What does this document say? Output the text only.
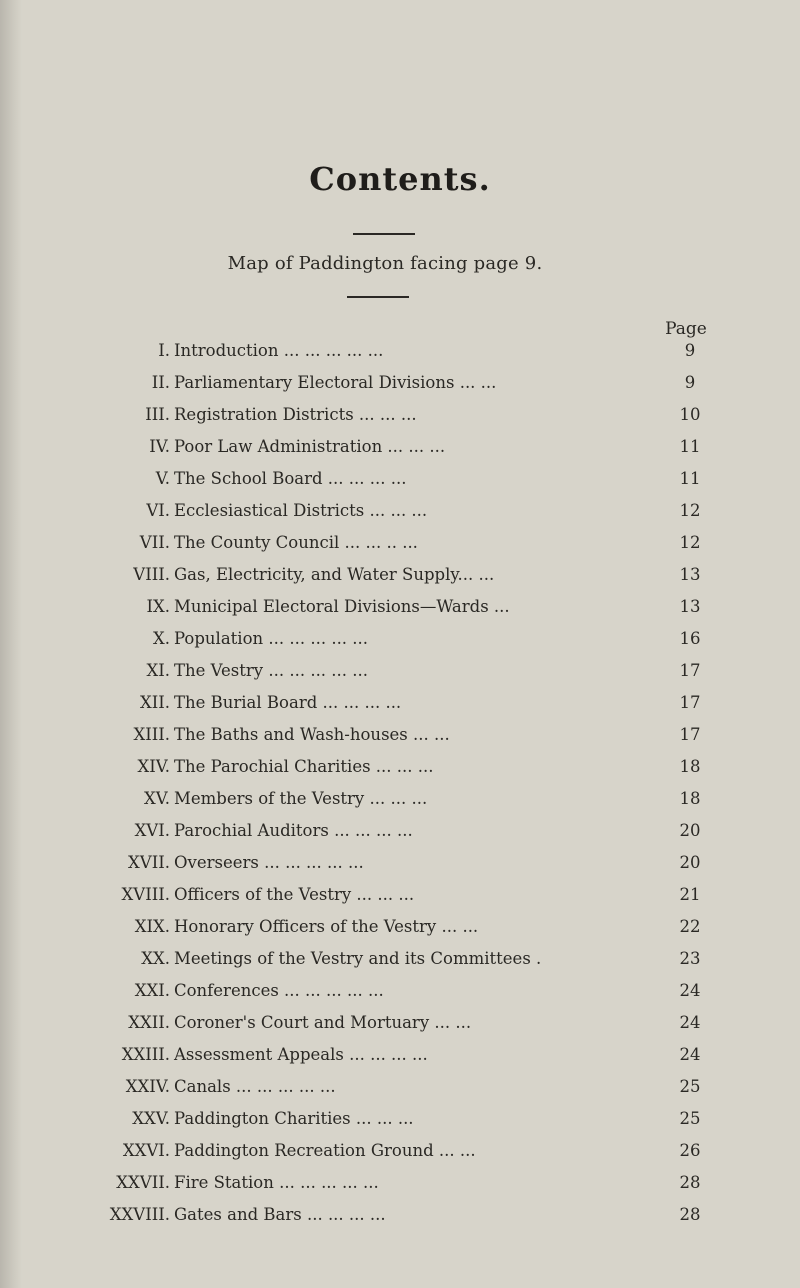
Contents.
Map of Paddington facing page 9.
Page
I. Introduction ... ... ... ... ...	9
II. Parliamentary Electoral Divisions ... ...	9
III. Registration Districts ... ... ...	10
IV. Poor Law Administration ... ... ...	11
V. The School Board ... ... ... ...	11
VI. Ecclesiastical Districts ... ... ...	12
VII. The County Council ... ... .. ...	12
VIII. Gas, Electricity, and Water Supply... ...	13
IX. Municipal Electoral Divisions—Wards ...	13
X. Population ... ... ... ... ...	16
XI. The Vestry ... ... ... ... ...	17
XII. The Burial Board ... ... ... ...	17
XIII. The Baths and Wash-houses ... ...	17
XIV. The Parochial Charities ... ... ...	18
XV. Members of the Vestry ... ... ...	18
XVI. Parochial Auditors ... ... ... ...	20
XVII. Overseers ... ... ... ... ...	20
XVIII. Officers of the Vestry ... ... ...	21
XIX. Honorary Officers of the Vestry ... ...	22
XX. Meetings of the Vestry and its Committees .	23
XXI. Conferences ... ... ... ... ...	24
XXII. Coroner's Court and Mortuary ... ...	24
XXIII. Assessment Appeals ... ... ... ...	24
XXIV. Canals ... ... ... ... ...	25
XXV. Paddington Charities ... ... ...	25
XXVI. Paddington Recreation Ground ... ...	26
XXVII. Fire Station ... ... ... ... ...	28
XXVIII. Gates and Bars ... ... ... ...	28
